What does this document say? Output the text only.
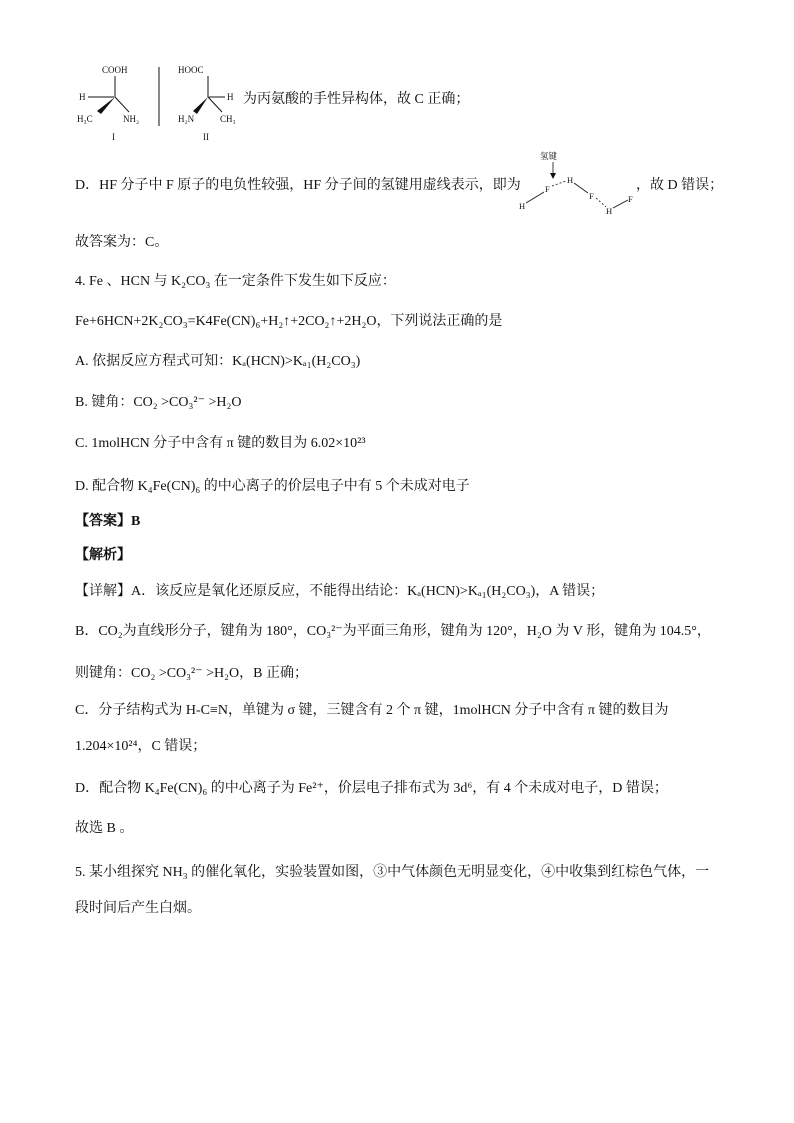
COOH
H
H₃C	NH₂
I
HOOC
H
H₂N	CH₃
II
为丙氨酸的手性异构体，故 C 正确；
D．HF 分子中 F 原子的电负性较强，HF 分子间的氢键用虚线表示，即为
氢键
H
F
H
F
H
F
，故 D 错误；
故答案为：C。
4. Fe 、HCN 与 K₂CO₃ 在一定条件下发生如下反应：
Fe+6HCN+2K₂CO₃=K4Fe(CN)₆+H₂↑+2CO₂↑+2H₂O，下列说法正确的是
A. 依据反应方程式可知：Kₐ(HCN)>Kₐ₁(H₂CO₃)
B. 键角：CO₂ >CO₃²⁻ >H₂O
C. 1molHCN 分子中含有 π 键的数目为 6.02×10²³
D. 配合物 K₄Fe(CN)₆ 的中心离子的价层电子中有 5 个未成对电子
【答案】B
【解析】
【详解】A．该反应是氧化还原反应，不能得出结论：Kₐ(HCN)>Kₐ₁(H₂CO₃)，A 错误；
B．CO₂为直线形分子，键角为 180°，CO₃²⁻为平面三角形，键角为 120°，H₂O 为 V 形，键角为 104.5°，
则键角：CO₂ >CO₃²⁻ >H₂O，B 正确；
C．分子结构式为 H-C≡N，单键为 σ 键，三键含有 2 个 π 键，1molHCN 分子中含有 π 键的数目为
1.204×10²⁴，C 错误；
D．配合物 K₄Fe(CN)₆ 的中心离子为 Fe²⁺，价层电子排布式为 3d⁶，有 4 个未成对电子，D 错误；
故选 B 。
5. 某小组探究 NH₃ 的催化氧化，实验装置如图，③中气体颜色无明显变化，④中收集到红棕色气体，一
段时间后产生白烟。
